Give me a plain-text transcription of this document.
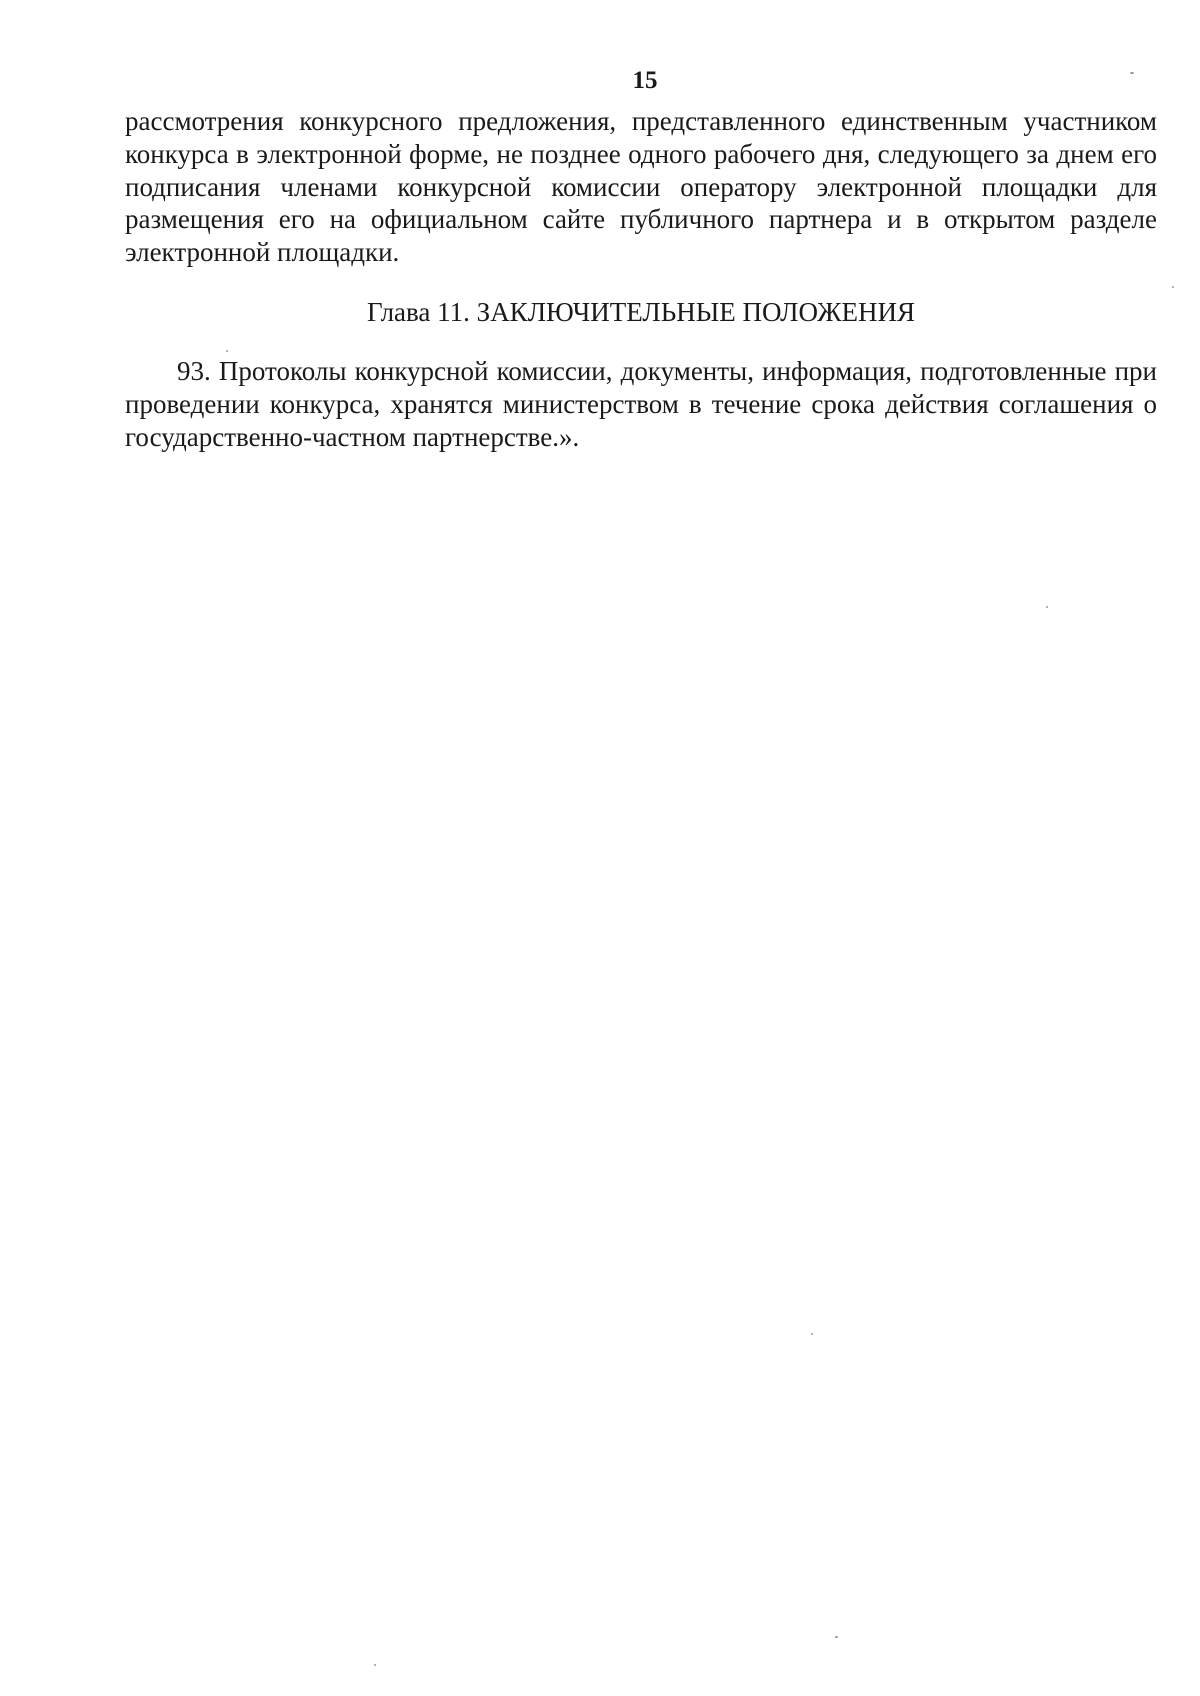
15

рассмотрения конкурсного предложения, представленного единственным участником конкурса в электронной форме, не позднее одного рабочего дня, следующего за днем его подписания членами конкурсной комиссии оператору электронной площадки для размещения его на официальном сайте публичного партнера и в открытом разделе электронной площадки.

Глава 11. ЗАКЛЮЧИТЕЛЬНЫЕ ПОЛОЖЕНИЯ

93. Протоколы конкурсной комиссии, документы, информация, подготовленные при проведении конкурса, хранятся министерством в течение срока действия соглашения о государственно-частном партнерстве.».
